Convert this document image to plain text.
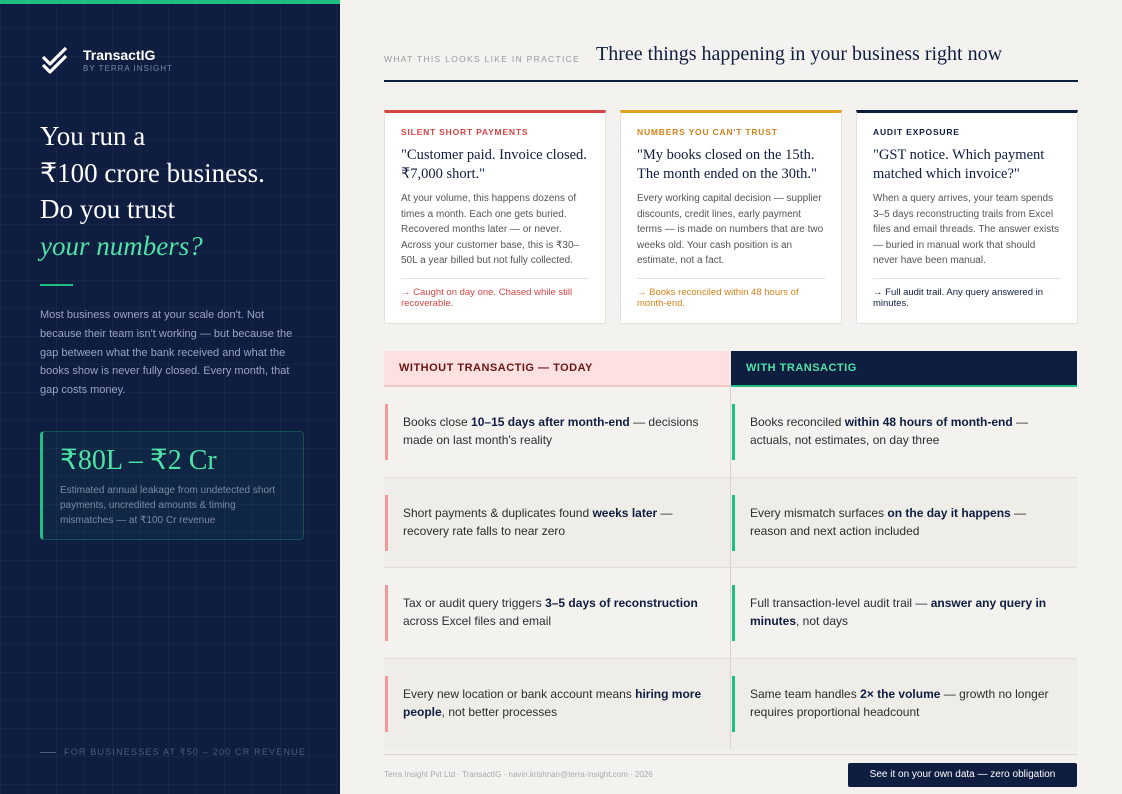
TransactIG
BY TERRA INSIGHT
You run a
₹100 crore business.
Do you trust
your numbers?
Most business owners at your scale don't. Not because their team isn't working — but because the gap between what the bank received and what the books show is never fully closed. Every month, that gap costs money.
₹80L – ₹2 Cr
Estimated annual leakage from undetected short payments, uncredited amounts & timing mismatches — at ₹100 Cr revenue
FOR BUSINESSES AT ₹50 – 200 CR REVENUE
WHAT THIS LOOKS LIKE IN PRACTICE Three things happening in your business right now
SILENT SHORT PAYMENTS
"Customer paid. Invoice closed. ₹7,000 short."
At your volume, this happens dozens of times a month. Each one gets buried. Recovered months later — or never. Across your customer base, this is ₹30–50L a year billed but not fully collected.
→ Caught on day one. Chased while still recoverable.
NUMBERS YOU CAN'T TRUST
"My books closed on the 15th. The month ended on the 30th."
Every working capital decision — supplier discounts, credit lines, early payment terms — is made on numbers that are two weeks old. Your cash position is an estimate, not a fact.
→ Books reconciled within 48 hours of month-end.
AUDIT EXPOSURE
"GST notice. Which payment matched which invoice?"
When a query arrives, your team spends 3–5 days reconstructing trails from Excel files and email threads. The answer exists — buried in manual work that should never have been manual.
→ Full audit trail. Any query answered in minutes.
WITHOUT TRANSACTIG — TODAY	WITH TRANSACTIG
Books close 10–15 days after month-end — decisions made on last month's reality
Books reconciled within 48 hours of month-end — actuals, not estimates, on day three
Short payments & duplicates found weeks later — recovery rate falls to near zero
Every mismatch surfaces on the day it happens — reason and next action included
Tax or audit query triggers 3–5 days of reconstruction across Excel files and email
Full transaction-level audit trail — answer any query in minutes, not days
Every new location or bank account means hiring more people, not better processes
Same team handles 2× the volume — growth no longer requires proportional headcount
Terra Insight Pvt Ltd · TransactIG · navin.krishnan@terra-insight.com · 2026	See it on your own data — zero obligation
